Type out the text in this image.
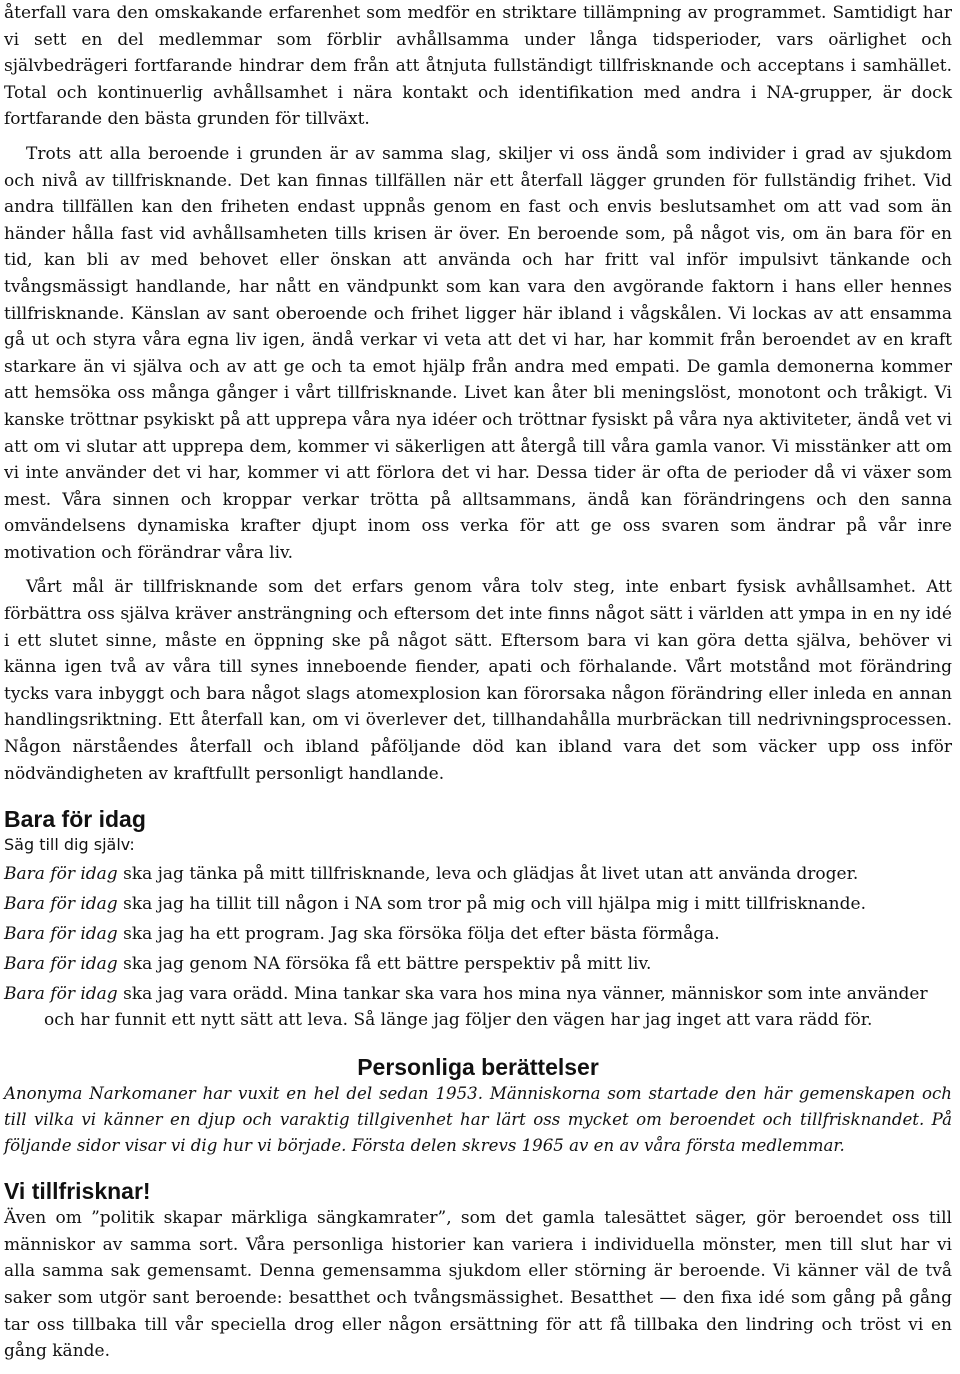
återfall vara den omskakande erfarenhet som medför en striktare tillämpning av programmet. Samtidigt har vi sett en del medlemmar som förblir avhållsamma under långa tidsperioder, vars oärlighet och självbedrägeri fortfarande hindrar dem från att åtnjuta fullständigt tillfrisknande och acceptans i samhället. Total och kontinuerlig avhållsamhet i nära kontakt och identifikation med andra i NA-grupper, är dock fortfarande den bästa grunden för tillväxt.

Trots att alla beroende i grunden är av samma slag, skiljer vi oss ändå som individer i grad av sjukdom och nivå av tillfrisknande. Det kan finnas tillfällen när ett återfall lägger grunden för fullständig frihet. Vid andra tillfällen kan den friheten endast uppnås genom en fast och envis beslutsamhet om att vad som än händer hålla fast vid avhållsamheten tills krisen är över. En beroende som, på något vis, om än bara för en tid, kan bli av med behovet eller önskan att använda och har fritt val inför impulsivt tänkande och tvångsmässigt handlande, har nått en vändpunkt som kan vara den avgörande faktorn i hans eller hennes tillfrisknande. Känslan av sant oberoende och frihet ligger här ibland i vågskålen. Vi lockas av att ensamma gå ut och styra våra egna liv igen, ändå verkar vi veta att det vi har, har kommit från beroendet av en kraft starkare än vi själva och av att ge och ta emot hjälp från andra med empati. De gamla demonerna kommer att hemsöka oss många gånger i vårt tillfrisknande. Livet kan åter bli meningslöst, monotont och tråkigt. Vi kanske tröttnar psykiskt på att upprepa våra nya idéer och tröttnar fysiskt på våra nya aktiviteter, ändå vet vi att om vi slutar att upprepa dem, kommer vi säkerligen att återgå till våra gamla vanor. Vi misstänker att om vi inte använder det vi har, kommer vi att förlora det vi har. Dessa tider är ofta de perioder då vi växer som mest. Våra sinnen och kroppar verkar trötta på alltsammans, ändå kan förändringens och den sanna omvändelsens dynamiska krafter djupt inom oss verka för att ge oss svaren som ändrar på vår inre motivation och förändrar våra liv.

Vårt mål är tillfrisknande som det erfars genom våra tolv steg, inte enbart fysisk avhållsamhet. Att förbättra oss själva kräver ansträngning och eftersom det inte finns något sätt i världen att ympa in en ny idé i ett slutet sinne, måste en öppning ske på något sätt. Eftersom bara vi kan göra detta själva, behöver vi känna igen två av våra till synes inneboende fiender, apati och förhalande. Vårt motstånd mot förändring tycks vara inbyggt och bara något slags atomexplosion kan förorsaka någon förändring eller inleda en annan handlingsriktning. Ett återfall kan, om vi överlever det, tillhandahålla murbräckan till nedrivningsprocessen. Någon närståendes återfall och ibland påföljande död kan ibland vara det som väcker upp oss inför nödvändigheten av kraftfullt personligt handlande.

Bara för idag
Säg till dig själv:
Bara för idag ska jag tänka på mitt tillfrisknande, leva och glädjas åt livet utan att använda droger.
Bara för idag ska jag ha tillit till någon i NA som tror på mig och vill hjälpa mig i mitt tillfrisknande.
Bara för idag ska jag ha ett program. Jag ska försöka följa det efter bästa förmåga.
Bara för idag ska jag genom NA försöka få ett bättre perspektiv på mitt liv.
Bara för idag ska jag vara orädd. Mina tankar ska vara hos mina nya vänner, människor som inte använder och har funnit ett nytt sätt att leva. Så länge jag följer den vägen har jag inget att vara rädd för.
Personliga berättelser

Anonyma Narkomaner har vuxit en hel del sedan 1953. Människorna som startade den här gemenskapen och till vilka vi känner en djup och varaktig tillgivenhet har lärt oss mycket om beroendet och tillfrisknandet. På följande sidor visar vi dig hur vi började. Första delen skrevs 1965 av en av våra första medlemmar.

Vi tillfrisknar!

Även om ”politik skapar märkliga sängkamrater”, som det gamla talesättet säger, gör beroendet oss till människor av samma sort. Våra personliga historier kan variera i individuella mönster, men till slut har vi alla samma sak gemensamt. Denna gemensamma sjukdom eller störning är beroende. Vi känner väl de två saker som utgör sant beroende: besatthet och tvångsmässighet. Besatthet — den fixa idé som gång på gång tar oss tillbaka till vår speciella drog eller någon ersättning för att få tillbaka den lindring och tröst vi en gång kände.
